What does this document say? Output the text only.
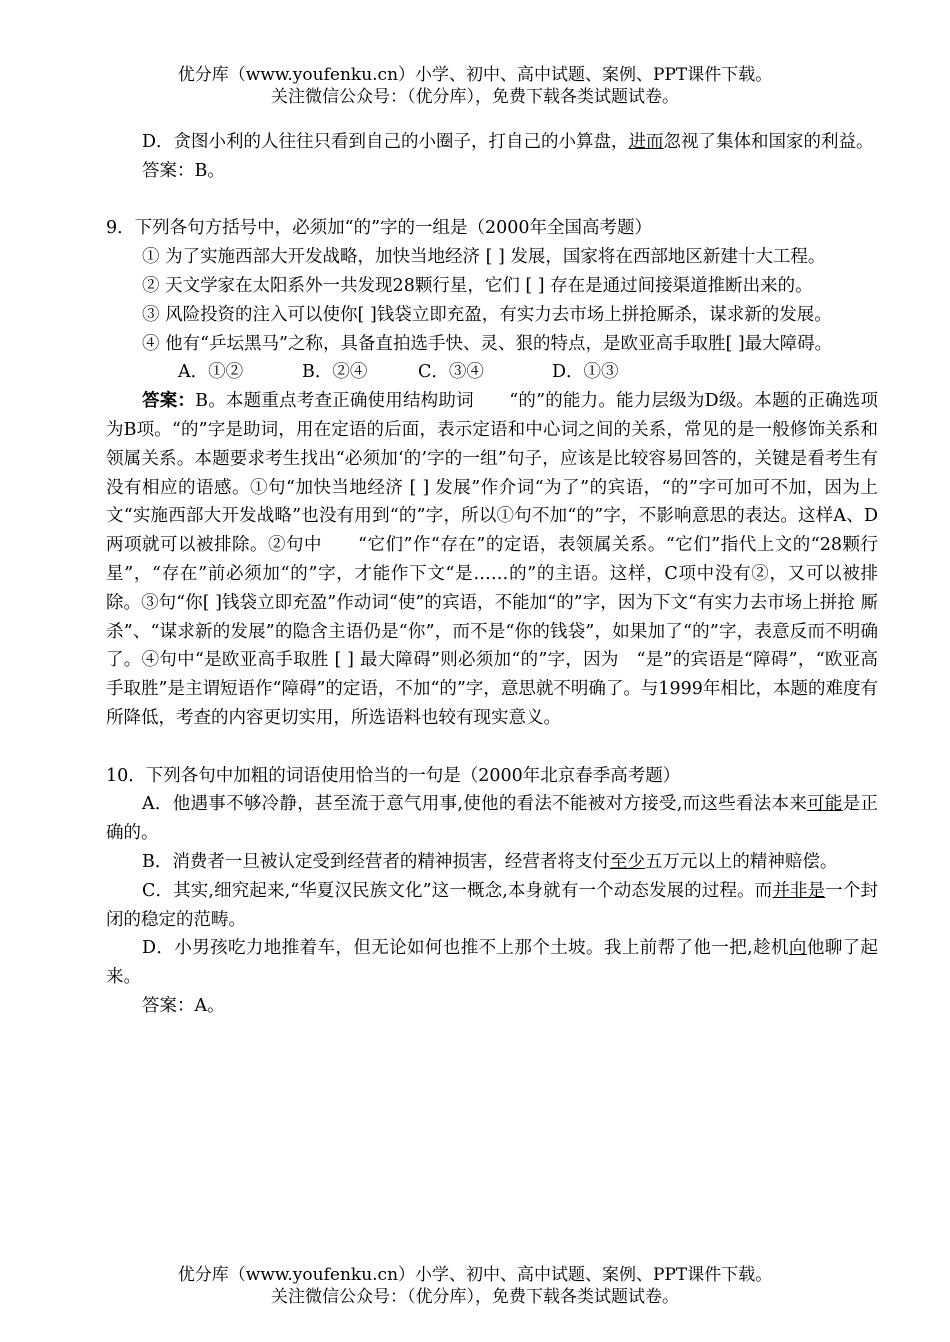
优分库（www.youfenku.cn）小学、初中、高中试题、案例、PPT课件下载。
关注微信公众号：（优分库），免费下载各类试题试卷。
D．贪图小利的人往往只看到自己的小圈子，打自己的小算盘，进而忽视了集体和国家的利益。
答案：B。
9．下列各句方括号中，必须加“的”字的一组是（2000年全国高考题）
① 为了实施西部大开发战略，加快当地经济 [ ] 发展，国家将在西部地区新建十大工程。
② 天文学家在太阳系外一共发现28颗行星，它们 [ ] 存在是通过间接渠道推断出来的。
③ 风险投资的注入可以使你[ ]钱袋立即充盈，有实力去市场上拼抢厮杀，谋求新的发展。
④ 他有“乒坛黑马”之称，具备直拍选手快、灵、狠的特点，是欧亚高手取胜[ ]最大障碍。
A．①②	B．②④	C．③④	D．①③
答案：B。本题重点考查正确使用结构助词　　“的”的能力。能力层级为D级。本题的正确选项为B项。“的”字是助词，用在定语的后面，表示定语和中心词之间的关系，常见的是一般修饰关系和领属关系。本题要求考生找出“必须加‘的’字的一组”句子，应该是比较容易回答的，关键是看考生有没有相应的语感。①句“加快当地经济 [ ] 发展”作介词“为了”的宾语，“的”字可加可不加，因为上文“实施西部大开发战略”也没有用到“的”字，所以①句不加“的”字，不影响意思的表达。这样A、D两项就可以被排除。②句中　　“它们”作“存在”的定语，表领属关系。“它们”指代上文的“28颗行星”，“存在”前必须加“的”字，才能作下文“是……的”的主语。这样，C项中没有②，又可以被排除。③句“你[ ]钱袋立即充盈”作动词“使”的宾语，不能加“的”字，因为下文“有实力去市场上拼抢 厮杀”、“谋求新的发展”的隐含主语仍是“你”，而不是“你的钱袋”，如果加了“的”字，表意反而不明确了。④句中“是欧亚高手取胜 [ ] 最大障碍”则必须加“的”字，因为　“是”的宾语是“障碍”，“欧亚高手取胜”是主谓短语作“障碍”的定语，不加“的”字，意思就不明确了。与1999年相比，本题的难度有所降低，考查的内容更切实用，所选语料也较有现实意义。
10．下列各句中加粗的词语使用恰当的一句是（2000年北京春季高考题）
A．他遇事不够冷静，甚至流于意气用事,使他的看法不能被对方接受,而这些看法本来可能是正确的。
B．消费者一旦被认定受到经营者的精神损害，经营者将支付至少五万元以上的精神赔偿。
C．其实,细究起来,“华夏汉民族文化”这一概念,本身就有一个动态发展的过程。而并非是一个封闭的稳定的范畴。
D．小男孩吃力地推着车，但无论如何也推不上那个土坡。我上前帮了他一把,趁机向他聊了起来。
答案：A。
优分库（www.youfenku.cn）小学、初中、高中试题、案例、PPT课件下载。
关注微信公众号：（优分库），免费下载各类试题试卷。
